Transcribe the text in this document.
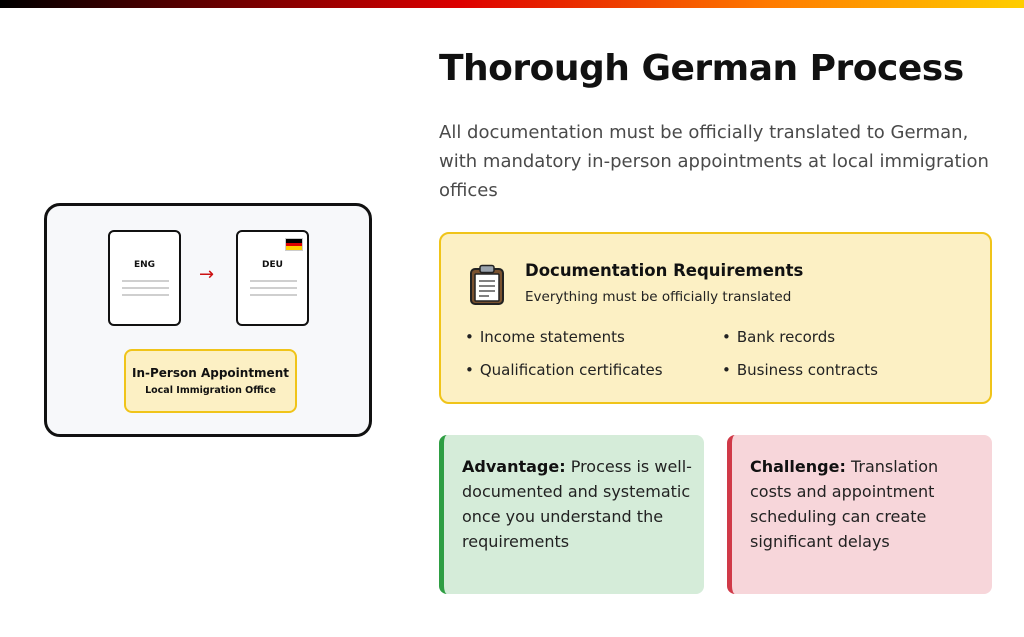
ENG	→	DEU
In-Person Appointment
Local Immigration Office
Thorough German Process

All documentation must be officially translated to German, with mandatory in-person appointments at local immigration offices

Documentation Requirements
Everything must be officially translated
• Income statements	• Bank records
• Qualification certificates	• Business contracts
Advantage: Process is well-documented and systematic once you understand the requirements
Challenge: Translation costs and appointment scheduling can create significant delays
